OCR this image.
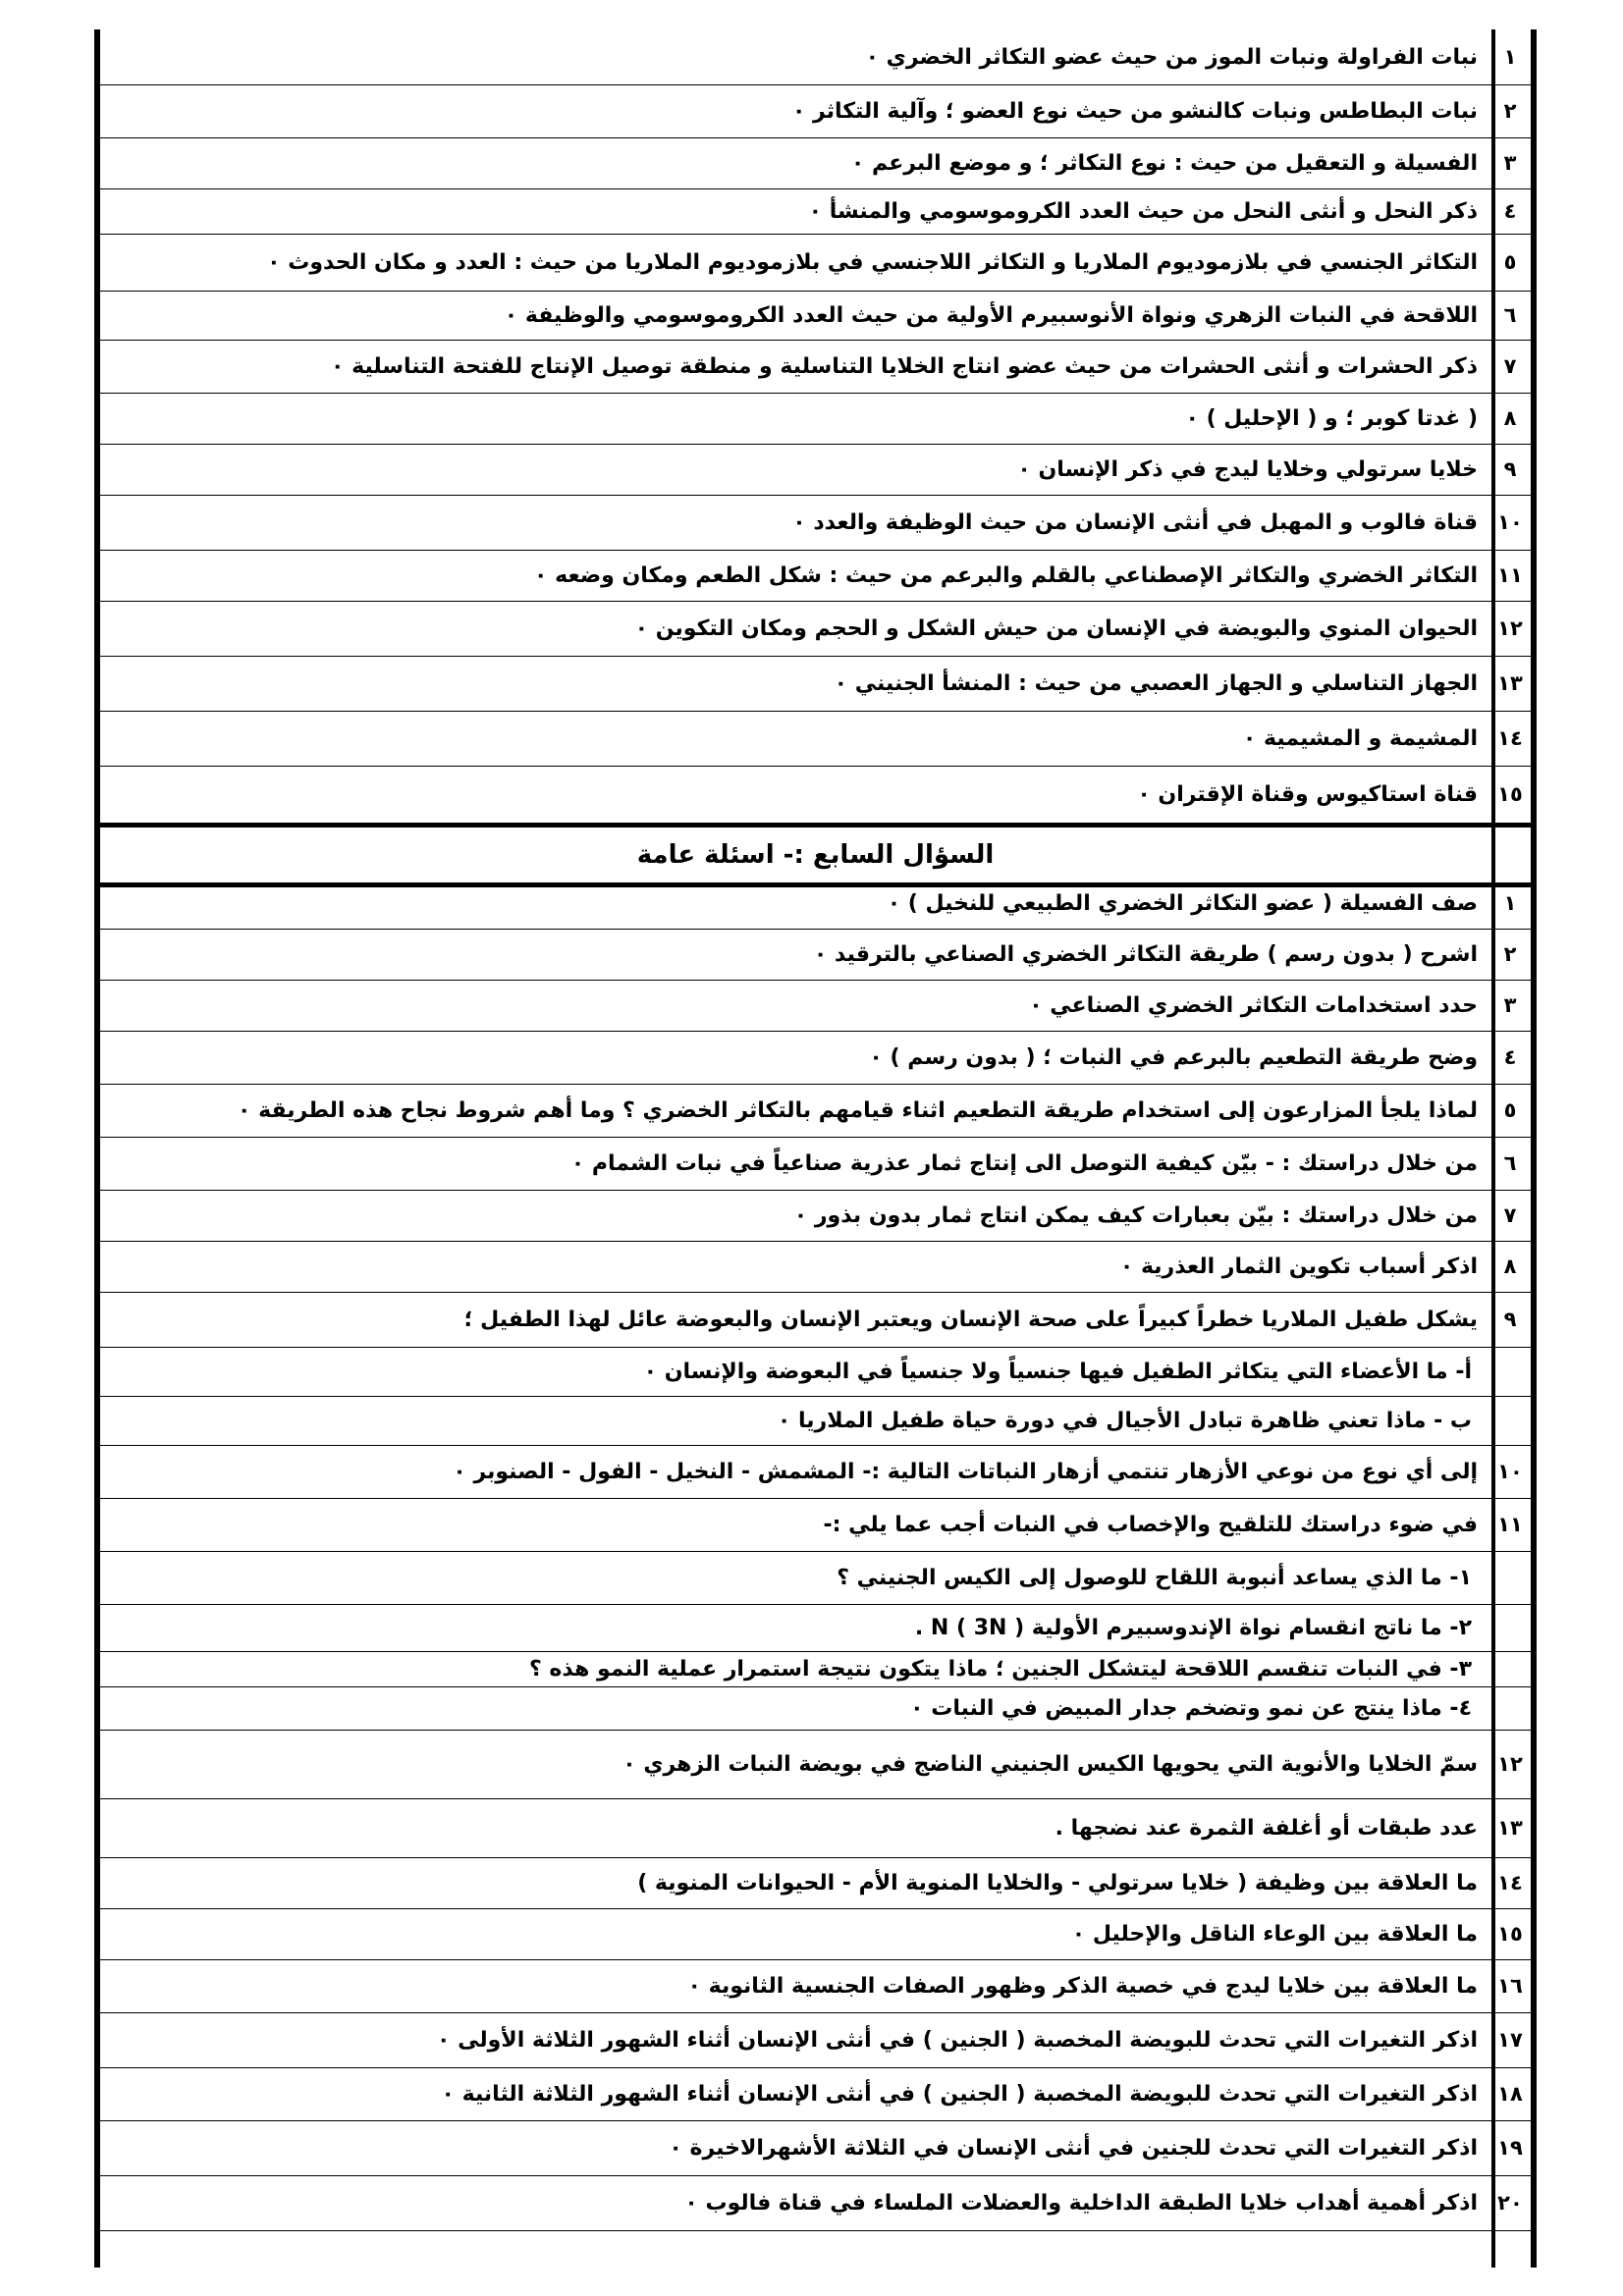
١
نبات الفراولة ونبات الموز من حيث عضو التكاثر الخضري ٠
٢
نبات البطاطس ونبات كالنشو من حيث نوع العضو ؛ وآلية التكاثر ٠
٣
الفسيلة و التعقيل من حيث : نوع التكاثر ؛ و موضع البرعم ٠
٤
ذكر النحل و أنثى النحل من حيث العدد الكروموسومي والمنشأ ٠
٥
التكاثر الجنسي في بلازموديوم الملاريا و التكاثر اللاجنسي في بلازموديوم الملاريا من حيث : العدد و مكان الحدوث ٠
٦
اللاقحة في النبات الزهري ونواة الأنوسبيرم الأولية من حيث العدد الكروموسومي والوظيفة ٠
٧
ذكر الحشرات و أنثى الحشرات من حيث عضو انتاج الخلايا التناسلية و منطقة توصيل الإنتاج للفتحة التناسلية ٠
٨
( غدتا كوبر ؛ و ( الإحليل ) ٠
٩
خلايا سرتولي وخلايا ليدج في ذكر الإنسان ٠
١٠
قناة فالوب و المهبل في أنثى الإنسان من حيث الوظيفة والعدد ٠
١١
التكاثر الخضري والتكاثر الإصطناعي بالقلم والبرعم من حيث : شكل الطعم ومكان وضعه ٠
١٢
الحيوان المنوي والبويضة في الإنسان من حيش الشكل و الحجم ومكان التكوين ٠
١٣
الجهاز التناسلي و الجهاز العصبي من حيث : المنشأ الجنيني ٠
١٤
المشيمة و المشيمية ٠
١٥
قناة استاكيوس وقناة الإقتران ٠
السؤال السابع :- اسئلة عامة
١
صف الفسيلة ( عضو التكاثر الخضري الطبيعي للنخيل ) ٠
٢
اشرح ( بدون رسم ) طريقة التكاثر الخضري الصناعي بالترقيد ٠
٣
حدد استخدامات التكاثر الخضري الصناعي ٠
٤
وضح طريقة التطعيم بالبرعم في النبات ؛ ( بدون رسم ) ٠
٥
لماذا يلجأ المزارعون إلى استخدام طريقة التطعيم اثناء قيامهم بالتكاثر الخضري ؟ وما أهم شروط نجاح هذه الطريقة ٠
٦
من خلال دراستك : - بيّن كيفية التوصل الى إنتاج ثمار عذرية صناعياً في نبات الشمام ٠
٧
من خلال دراستك : بيّن بعبارات كيف يمكن انتاج ثمار بدون بذور ٠
٨
اذكر أسباب تكوين الثمار العذرية ٠
٩
يشكل طفيل الملاريا خطراً كبيراً على صحة الإنسان ويعتبر الإنسان والبعوضة عائل لهذا الطفيل ؛
أ- ما الأعضاء التي يتكاثر الطفيل فيها جنسياً ولا جنسياً في البعوضة والإنسان ٠
ب - ماذا تعني ظاهرة تبادل الأجيال في دورة حياة طفيل الملاريا ٠
١٠
إلى أي نوع من نوعي الأزهار تنتمي أزهار النباتات التالية :- المشمش - النخيل - الفول - الصنوبر ٠
١١
في ضوء دراستك للتلقيح والإخصاب في النبات أجب عما يلي :-
١- ما الذي يساعد أنبوبة اللقاح للوصول إلى الكيس الجنيني ؟
٢- ما ناتج انقسام نواة الإندوسبيرم الأولية ( 3N ) N .
٣- في النبات تنقسم اللاقحة ليتشكل الجنين ؛ ماذا يتكون نتيجة استمرار عملية النمو هذه ؟
٤- ماذا ينتج عن نمو وتضخم جدار المبيض في النبات ٠
١٢
سمّ الخلايا والأنوية التي يحويها الكيس الجنيني الناضج في بويضة النبات الزهري ٠
١٣
عدد طبقات أو أغلفة الثمرة عند نضجها .
١٤
ما العلاقة بين وظيفة ( خلايا سرتولي - والخلايا المنوية الأم - الحيوانات المنوية )
١٥
ما العلاقة بين الوعاء الناقل والإحليل ٠
١٦
ما العلاقة بين خلايا ليدج في خصية الذكر وظهور الصفات الجنسية الثانوية ٠
١٧
اذكر التغيرات التي تحدث للبويضة المخصبة ( الجنين ) في أنثى الإنسان أثناء الشهور الثلاثة الأولى ٠
١٨
اذكر التغيرات التي تحدث للبويضة المخصبة ( الجنين ) في أنثى الإنسان أثناء الشهور الثلاثة الثانية ٠
١٩
اذكر التغيرات التي تحدث للجنين في أنثى الإنسان في الثلاثة الأشهرالاخيرة ٠
٢٠
اذكر أهمية أهداب خلايا الطبقة الداخلية والعضلات الملساء في قناة فالوب ٠
